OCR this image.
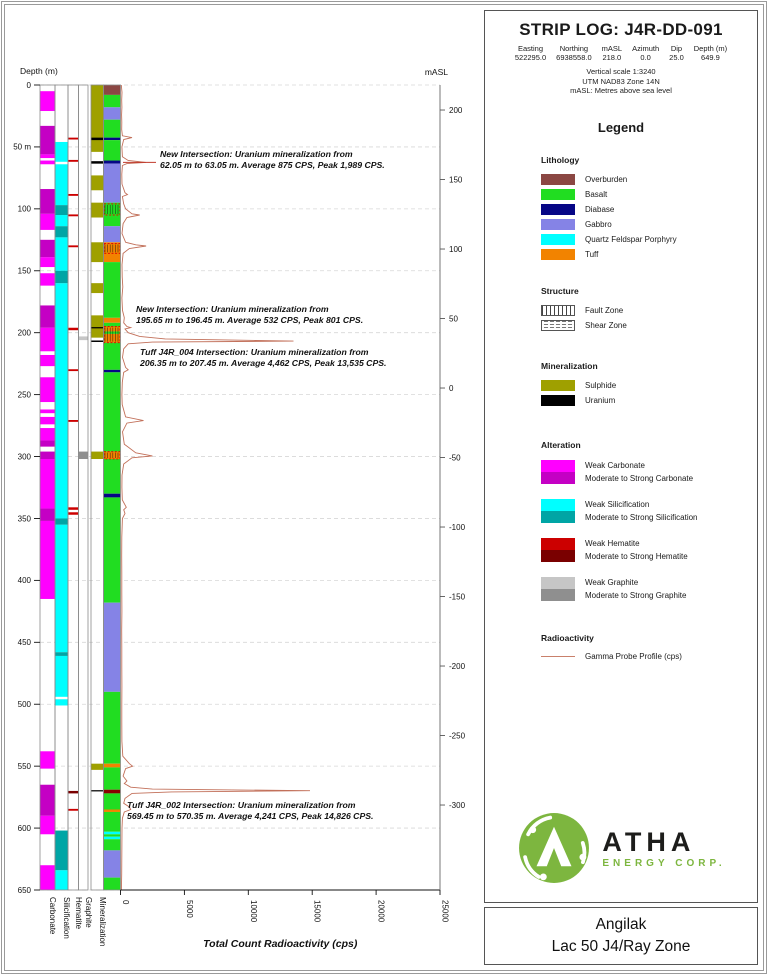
Depth (m)
0
50 m
100
150
200
250
300
350
400
450
500
550
600
650
0	5000	10000	15000	20000	25000
Total Count Radioactivity (cps)
Carbonate Silicification Hematite Graphite Mineralization
mASL
200
150
100
50
0
-50
-100
-150
-200
-250
-300
New Intersection: Uranium mineralization from
62.05 m to 63.05 m. Average 875 CPS, Peak 1,989 CPS.
New Intersection: Uranium mineralization from
195.65 m to 196.45 m. Average 532 CPS, Peak 801 CPS.
Tuff J4R_004 Intersection: Uranium mineralization from
206.35 m to 207.45 m. Average 4,462 CPS, Peak 13,535 CPS.
Tuff J4R_002 Intersection: Uranium mineralization from
569.45 m to 570.35 m. Average 4,241 CPS, Peak 14,826 CPS.
STRIP LOG: J4R-DD-091
Easting
522295.0
Northing
6938558.0
mASL
218.0
Azimuth
0.0
Dip
25.0
Depth (m)
649.9
Vertical scale 1:3240
UTM NAD83 Zone 14N
mASL: Metres above sea level
Legend
Lithology
Overburden
Basalt
Diabase
Gabbro
Quartz Feldspar Porphyry
Tuff
Structure
Fault Zone
Shear Zone
Mineralization
Sulphide
Uranium
Alteration
Weak Carbonate
Moderate to Strong Carbonate
Weak Silicification
Moderate to Strong Silicification
Weak Hematite
Moderate to Strong Hematite
Weak Graphite
Moderate to Strong Graphite
Radioactivity
Gamma Probe Profile (cps)
ATHA
ENERGY CORP.
Angilak
Lac 50 J4/Ray Zone
